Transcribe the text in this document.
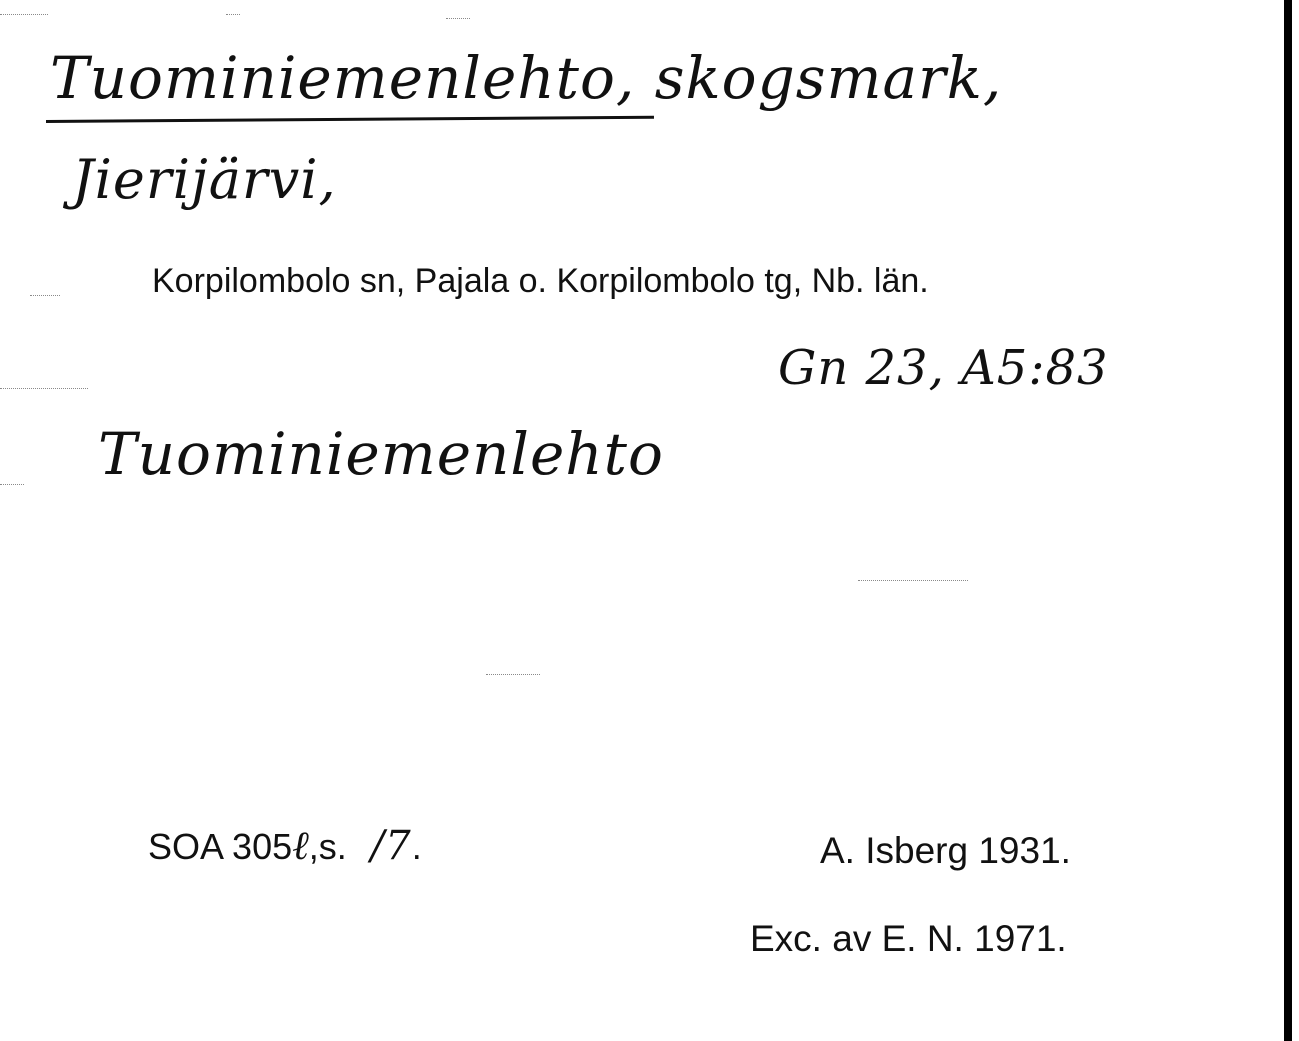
Tuominiemenlehto, skogsmark,
Jierijärvi,
Korpilombolo sn, Pajala o. Korpilombolo tg, Nb. län.
Gn 23, A5:83
Tuominiemenlehto
SOA 305ℓ,s. /7.	A. Isberg 1931.
Exc. av E. N. 1971.
